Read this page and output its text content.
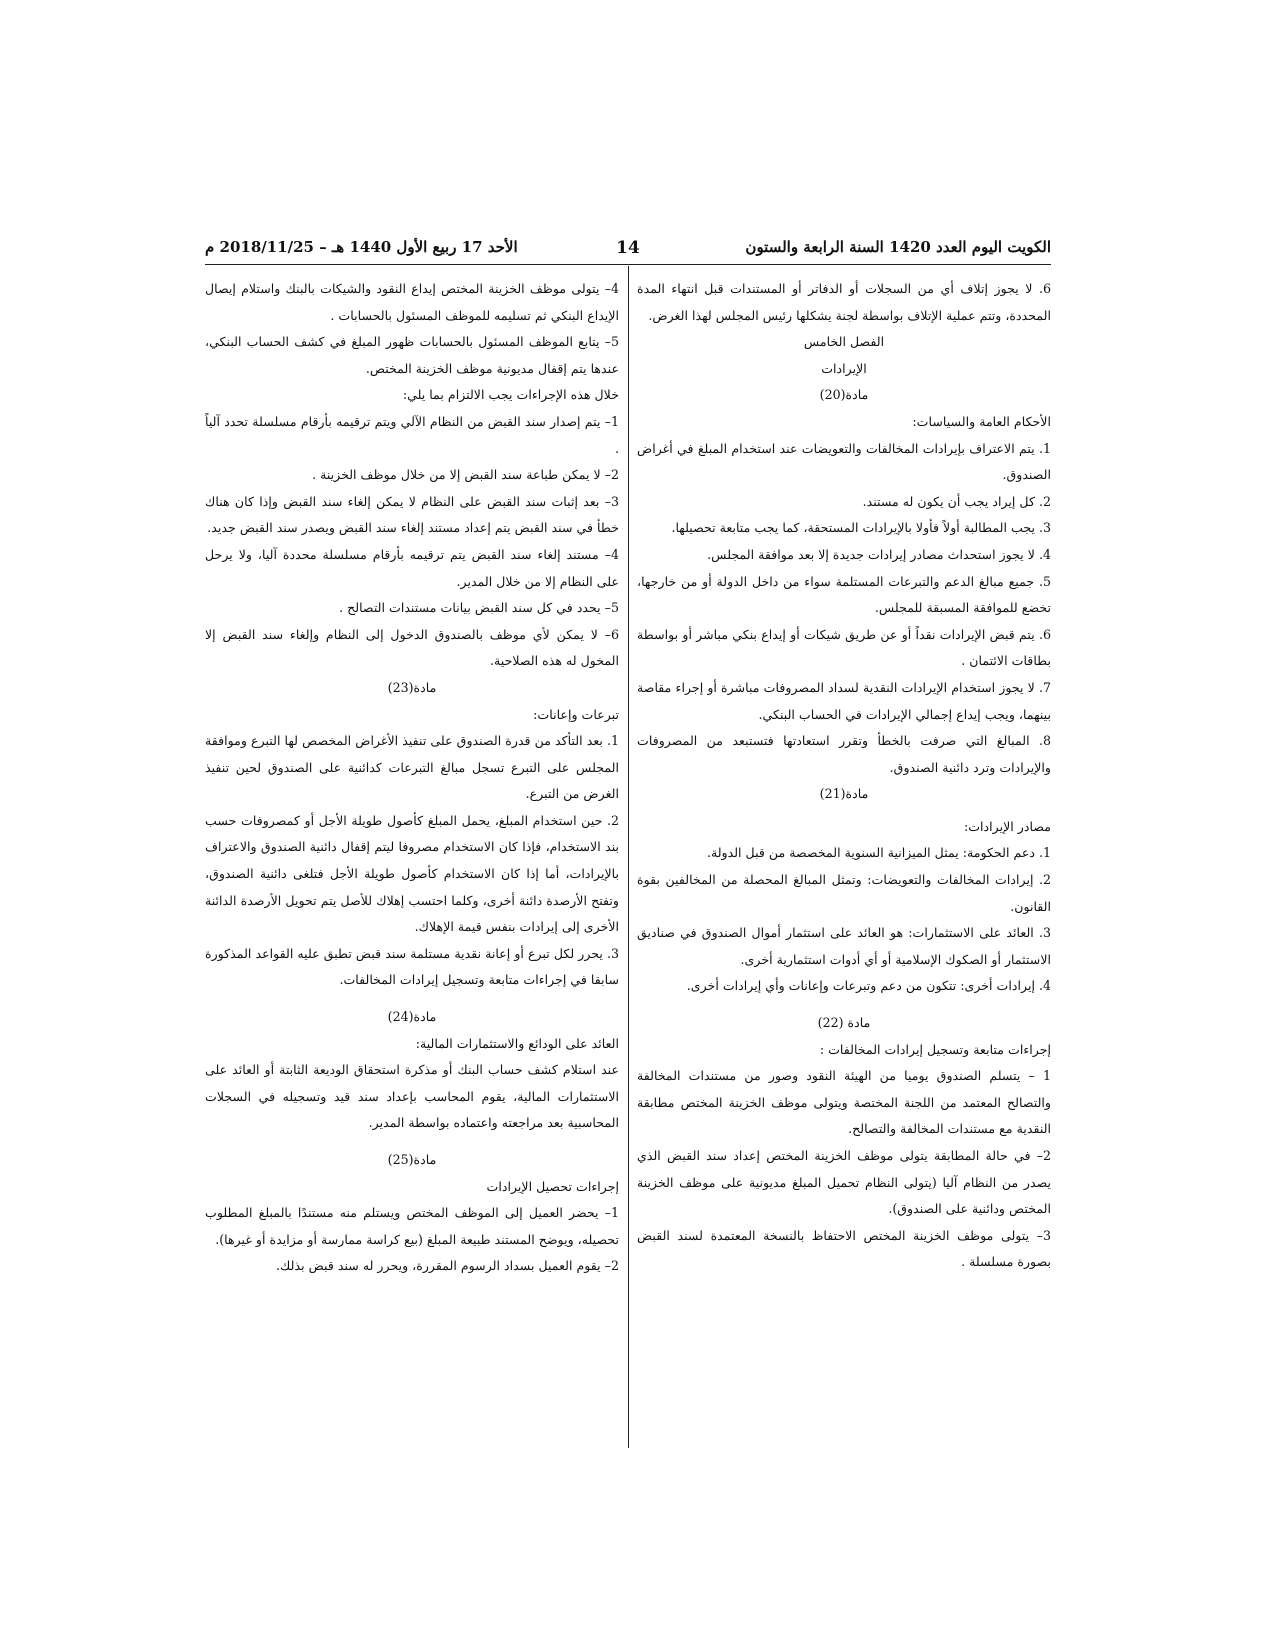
الكويت اليوم العدد 1420 السنة الرابعة والستون
14
الأحد 17 ربيع الأول 1440 هـ – 2018/11/25 م

6. لا يجوز إتلاف أي من السجلات أو الدفاتر أو المستندات قبل انتهاء المدة المحددة، وتتم عملية الإتلاف بواسطة لجنة يشكلها رئيس المجلس لهذا الغرض.

الفصل الخامس

الإيرادات

مادة(20)

الأحكام العامة والسياسات:

1. يتم الاعتراف بإيرادات المخالفات والتعويضات عند استخدام المبلغ في أغراض الصندوق.

2. كل إيراد يجب أن يكون له مستند.

3. يجب المطالبة أولاً فأولا بالإيرادات المستحقة، كما يجب متابعة تحصيلها.

4. لا يجوز استحداث مصادر إيرادات جديدة إلا بعد موافقة المجلس.

5. جميع مبالغ الدعم والتبرعات المستلمة سواء من داخل الدولة أو من خارجها، تخضع للموافقة المسبقة للمجلس.

6. يتم قبض الإيرادات نقداً أو عن طريق شيكات أو إيداع بنكي مباشر أو بواسطة بطاقات الائتمان .

7. لا يجوز استخدام الإيرادات النقدية لسداد المصروفات مباشرة أو إجراء مقاصة بينهما، ويجب إيداع إجمالي الإيرادات في الحساب البنكي.

8. المبالغ التي صرفت بالخطأ وتقرر استعادتها فتستبعد من المصروفات والإيرادات وترد دائنية الصندوق.

مادة(21)

مصادر الإيرادات:

1. دعم الحكومة: يمثل الميزانية السنوية المخصصة من قبل الدولة.

2. إيرادات المخالفات والتعويضات: وتمثل المبالغ المحصلة من المخالفين بقوة القانون.

3. العائد على الاستثمارات: هو العائد على استثمار أموال الصندوق في صناديق الاستثمار أو الصكوك الإسلامية أو أي أدوات استثمارية أخرى.

4. إيرادات أخرى: تتكون من دعم وتبرعات وإعانات وأي إيرادات أخرى.

مادة (22)

إجراءات متابعة وتسجيل إيرادات المخالفات :

1 – يتسلم الصندوق يوميا من الهيئة النقود وصور من مستندات المخالفة والتصالح المعتمد من اللجنة المختصة ويتولى موظف الخزينة المختص مطابقة النقدية مع مستندات المخالفة والتصالح.

2– في حالة المطابقة يتولى موظف الخزينة المختص إعداد سند القبض الذي يصدر من النظام آليا (يتولى النظام تحميل المبلغ مديونية على موظف الخزينة المختص ودائنية على الصندوق).

3– يتولى موظف الخزينة المختص الاحتفاظ بالنسخة المعتمدة لسند القبض بصورة مسلسلة .

4– يتولى موظف الخزينة المختص إيداع النقود والشيكات بالبنك واستلام إيصال الإيداع البنكي ثم تسليمه للموظف المسئول بالحسابات .

5– يتابع الموظف المسئول بالحسابات ظهور المبلغ في كشف الحساب البنكي، عندها يتم إقفال مديونية موظف الخزينة المختص.

خلال هذه الإجراءات يجب الالتزام بما يلي:

1– يتم إصدار سند القبض من النظام الآلي ويتم ترقيمه بأرقام مسلسلة تحدد آلياً .

2– لا يمكن طباعة سند القبض إلا من خلال موظف الخزينة .

3– بعد إثبات سند القبض على النظام لا يمكن إلغاء سند القبض وإذا كان هناك خطأ في سند القبض يتم إعداد مستند إلغاء سند القبض ويصدر سند القبض جديد.

4– مستند إلغاء سند القبض يتم ترقيمه بأرقام مسلسلة محددة آليا، ولا يرحل على النظام إلا من خلال المدير.

5– يحدد في كل سند القبض بيانات مستندات التصالح .

6– لا يمكن لأي موظف بالصندوق الدخول إلى النظام وإلغاء سند القبض إلا المخول له هذه الصلاحية.

مادة(23)

تبرعات وإعانات:

1. بعد التأكد من قدرة الصندوق على تنفيذ الأغراض المخصص لها التبرع وموافقة المجلس على التبرع تسجل مبالغ التبرعات كدائنية على الصندوق لحين تنفيذ الغرض من التبرع.

2. حين استخدام المبلغ، يحمل المبلغ كأصول طويلة الأجل أو كمصروفات حسب بند الاستخدام، فإذا كان الاستخدام مصروفا ليتم إقفال دائنية الصندوق والاعتراف بالإيرادات، أما إذا كان الاستخدام كأصول طويلة الأجل فتلغى دائنية الصندوق، وتفتح الأرصدة دائنة أخرى، وكلما احتسب إهلاك للأصل يتم تحويل الأرصدة الدائنة الأخرى إلى إيرادات بنفس قيمة الإهلاك.

3. يحرر لكل تبرع أو إعانة نقدية مستلمة سند قبض تطبق عليه القواعد المذكورة سابقا في إجراءات متابعة وتسجيل إيرادات المخالفات.

مادة(24)

العائد على الودائع والاستثمارات المالية:

عند استلام كشف حساب البنك أو مذكرة استحقاق الوديعة الثابتة أو العائد على الاستثمارات المالية، يقوم المحاسب بإعداد سند قيد وتسجيله في السجلات المحاسبية بعد مراجعته واعتماده بواسطة المدير.

مادة(25)

إجراءات تحصيل الإيرادات

1– يحضر العميل إلى الموظف المختص ويستلم منه مستندًا بالمبلغ المطلوب تحصيله، ويوضح المستند طبيعة المبلغ (بيع كراسة ممارسة أو مزايدة أو غيرها).

2– يقوم العميل بسداد الرسوم المقررة، ويحرر له سند قبض بذلك.
